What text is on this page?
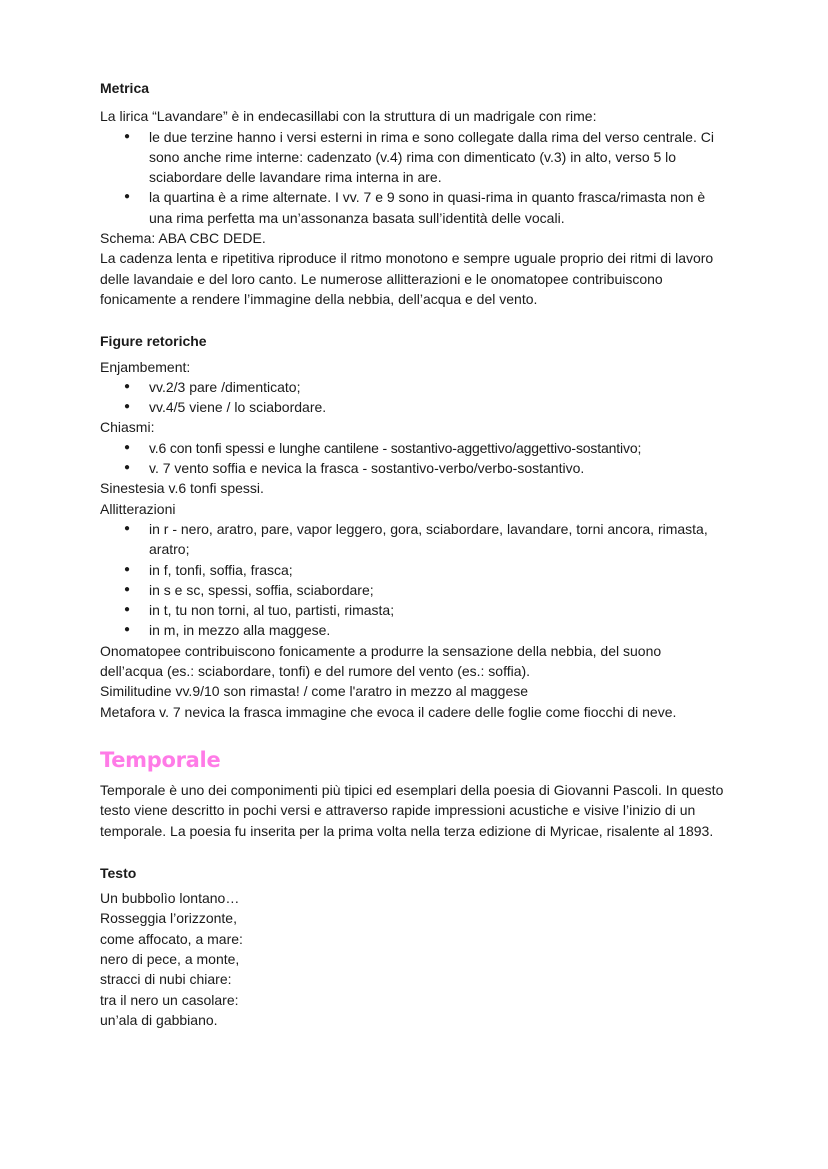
Metrica

La lirica “Lavandare” è in endecasillabi con la struttura di un madrigale con rime:

● le due terzine hanno i versi esterni in rima e sono collegate dalla rima del verso centrale. Ci sono anche rime interne: cadenzato (v.4) rima con dimenticato (v.3) in alto, verso 5 lo sciabordare delle lavandare rima interna in are.
● la quartina è a rime alternate. I vv. 7 e 9 sono in quasi-rima in quanto frasca/rimasta non è una rima perfetta ma un’assonanza basata sull’identità delle vocali.

Schema: ABA CBC DEDE.

La cadenza lenta e ripetitiva riproduce il ritmo monotono e sempre uguale proprio dei ritmi di lavoro delle lavandaie e del loro canto. Le numerose allitterazioni e le onomatopee contribuiscono fonicamente a rendere l’immagine della nebbia, dell’acqua e del vento.

Figure retoriche

Enjambement:

● vv.2/3 pare /dimenticato;
● vv.4/5 viene / lo sciabordare.

Chiasmi:

● v.6 con tonfi spessi e lunghe cantilene - sostantivo-aggettivo/aggettivo-sostantivo;
● v. 7 vento soffia e nevica la frasca - sostantivo-verbo/verbo-sostantivo.

Sinestesia v.6 tonfi spessi.

Allitterazioni

● in r - nero, aratro, pare, vapor leggero, gora, sciabordare, lavandare, torni ancora, rimasta, aratro;
● in f, tonfi, soffia, frasca;
● in s e sc, spessi, soffia, sciabordare;
● in t, tu non torni, al tuo, partisti, rimasta;
● in m, in mezzo alla maggese.

Onomatopee contribuiscono fonicamente a produrre la sensazione della nebbia, del suono dell’acqua (es.: sciabordare, tonfi) e del rumore del vento (es.: soffia).

Similitudine vv.9/10 son rimasta! / come l'aratro in mezzo al maggese

Metafora v. 7 nevica la frasca immagine che evoca il cadere delle foglie come fiocchi di neve.

Temporale

Temporale è uno dei componimenti più tipici ed esemplari della poesia di Giovanni Pascoli. In questo testo viene descritto in pochi versi e attraverso rapide impressioni acustiche e visive l’inizio di un temporale. La poesia fu inserita per la prima volta nella terza edizione di Myricae, risalente al 1893.

Testo

Un bubbolìo lontano…

Rosseggia l’orizzonte,

come affocato, a mare:

nero di pece, a monte,

stracci di nubi chiare:

tra il nero un casolare:

un’ala di gabbiano.
